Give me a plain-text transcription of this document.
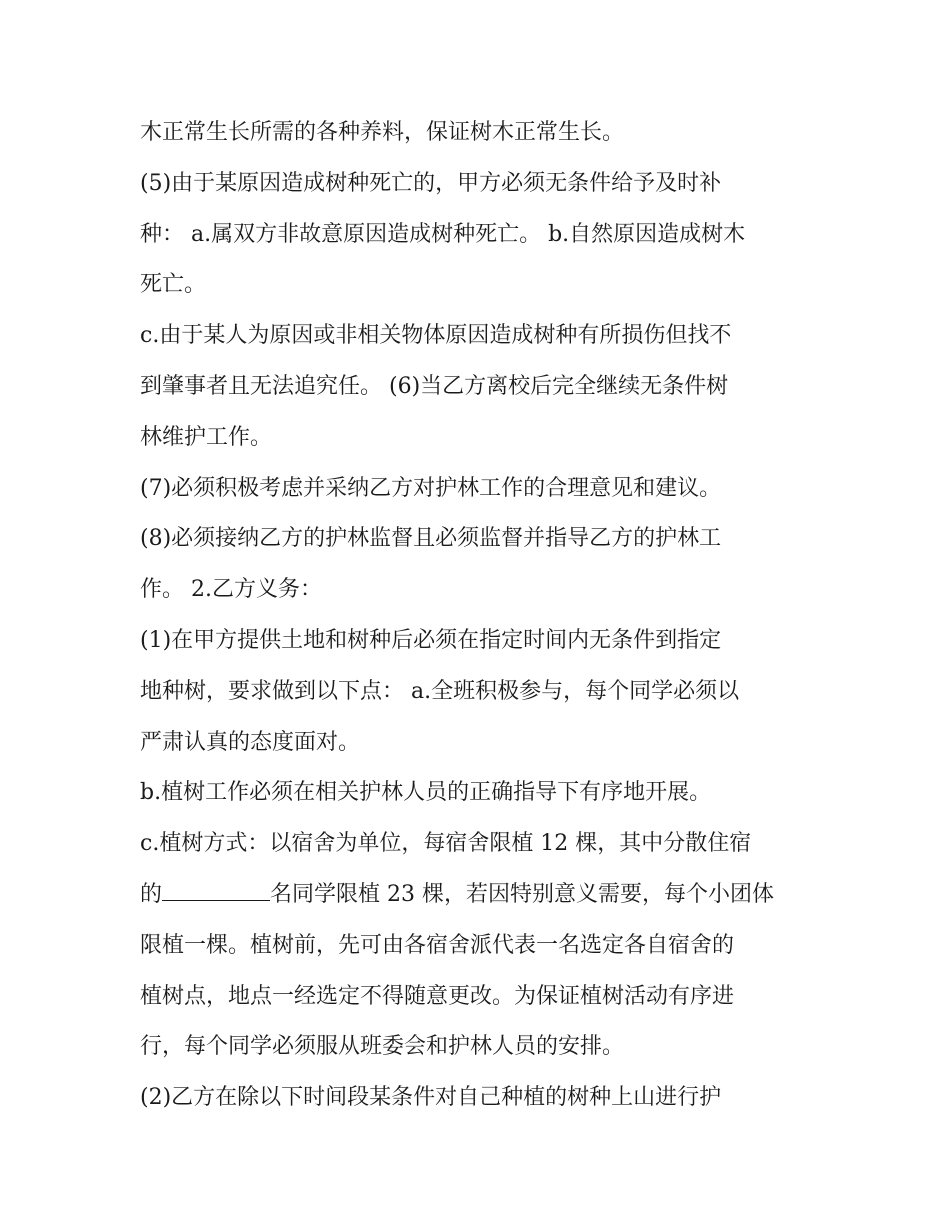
木正常生长所需的各种养料，保证树木正常生长。
(5)由于某原因造成树种死亡的，甲方必须无条件给予及时补
种： a.属双方非故意原因造成树种死亡。 b.自然原因造成树木
死亡。
c.由于某人为原因或非相关物体原因造成树种有所损伤但找不
到肇事者且无法追究任。 (6)当乙方离校后完全继续无条件树
林维护工作。
(7)必须积极考虑并采纳乙方对护林工作的合理意见和建议。
(8)必须接纳乙方的护林监督且必须监督并指导乙方的护林工
作。 2.乙方义务：
(1)在甲方提供土地和树种后必须在指定时间内无条件到指定
地种树，要求做到以下点： a.全班积极参与，每个同学必须以
严肃认真的态度面对。
b.植树工作必须在相关护林人员的正确指导下有序地开展。
c.植树方式：以宿舍为单位，每宿舍限植 12 棵，其中分散住宿
的	名同学限植 23 棵，若因特别意义需要，每个小团体
限植一棵。植树前，先可由各宿舍派代表一名选定各自宿舍的
植树点，地点一经选定不得随意更改。为保证植树活动有序进
行，每个同学必须服从班委会和护林人员的安排。
(2)乙方在除以下时间段某条件对自己种植的树种上山进行护
